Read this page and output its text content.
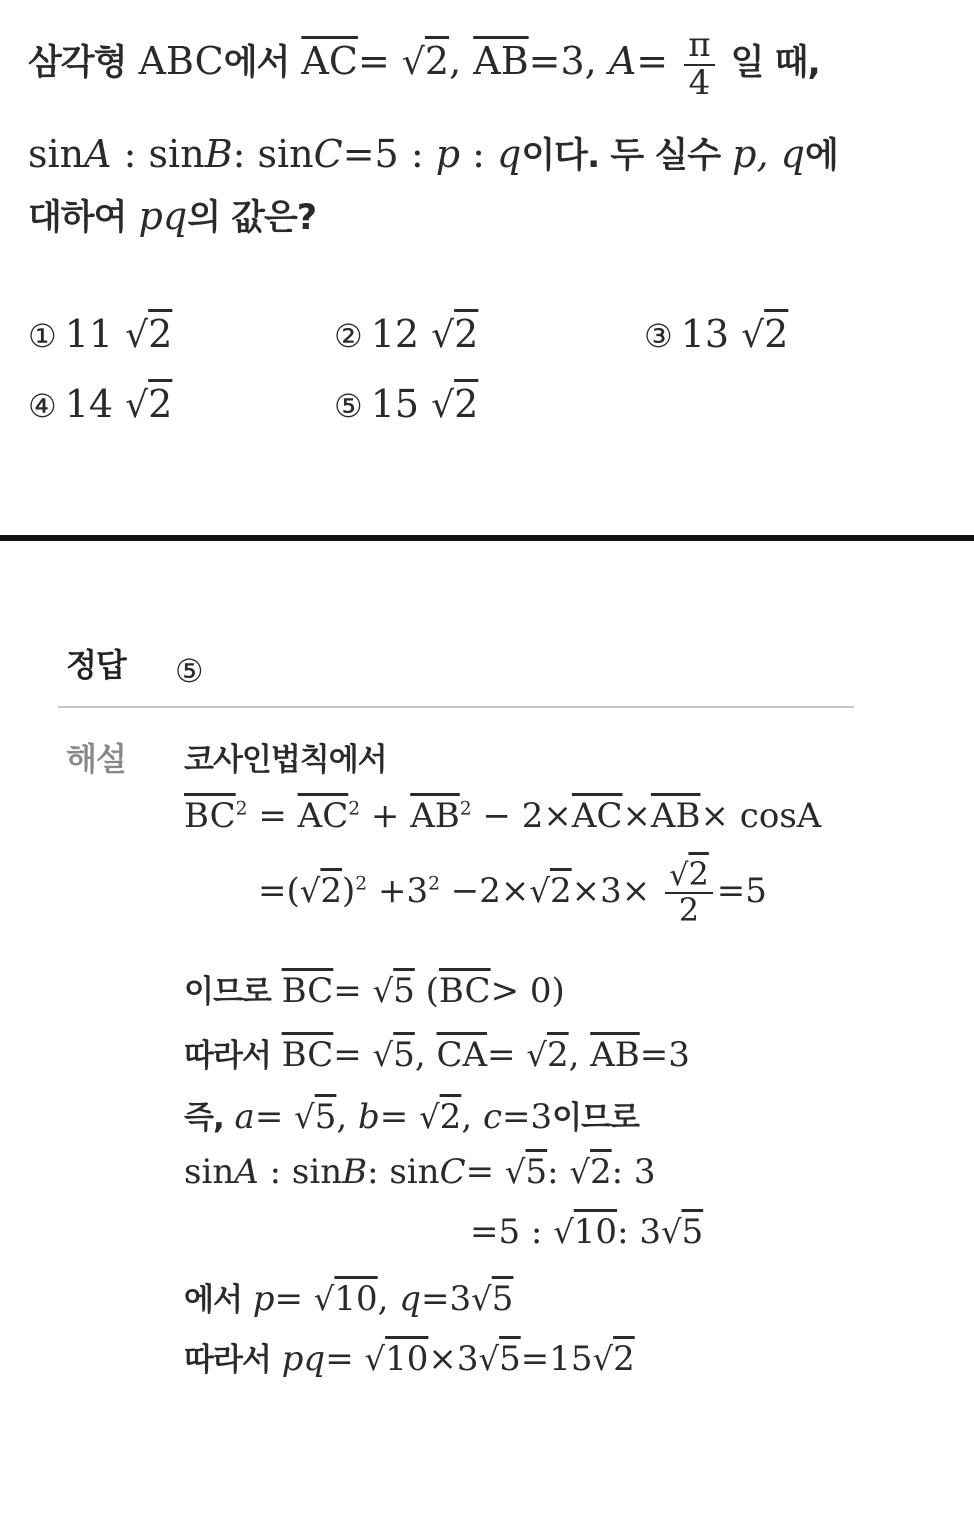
삼각형 ABC에서 $\overline{AC}= √2$, $\overline{AB}=3$, $A= \frac{\pi}{4}$ 일 때,
sinA : sinB: sinC=5 : p : q이다. 두 실수 p, q에
대하여 pq의 값은?
① 11 √2	② 12 √2	③ 13 √2
④ 14 √2	⑤ 15 √2
정답 ⑤
해설 코사인법칙에서
$\overline{BC}^2 = \overline{AC}^2 + \overline{AB}^2 - 2\times\overline{AC}\times\overline{AB}\times \cos A$
$=(√2)^2 +3^2 -2\times√2\times 3\times \frac{√2}{2} =5$
이므로 $\overline{BC}= √5$ $(\overline{BC}> 0)$
따라서 $\overline{BC}= √5$, $\overline{CA}= √2$, $\overline{AB}=3$
즉, a= √5, b= √2, c=3이므로
sinA : sinB: sinC= √5: √2: 3
=5 : √10: 3√5
에서 p= √10, q=3√5
따라서 pq= √10×3√5=15√2
